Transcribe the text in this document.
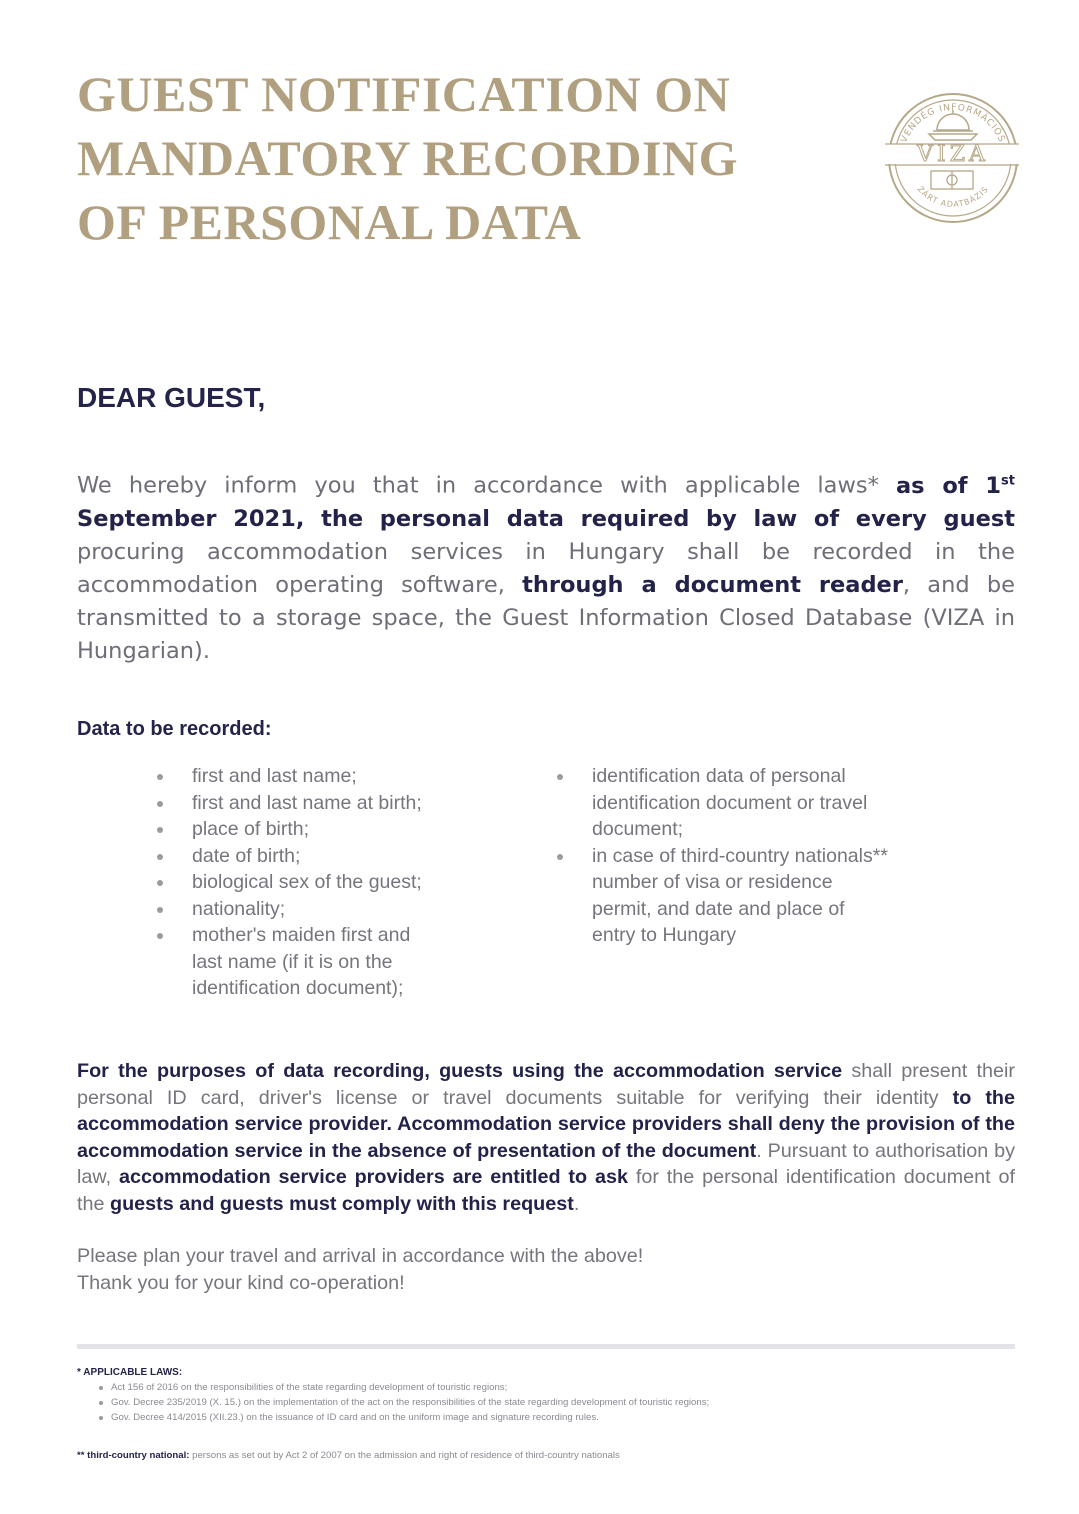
GUEST NOTIFICATION ON
MANDATORY RECORDING
OF PERSONAL DATA
VENDÉG INFORMÁCIÓS
VIZA
ZÁRT ADATBÁZIS
DEAR GUEST,
We hereby inform you that in accordance with applicable laws* as of 1st September 2021, the personal data required by law of every guest procuring accommodation services in Hungary shall be recorded in the accommodation operating software, through a document reader, and be transmitted to a storage space, the Guest Information Closed Database (VIZA in Hungarian).
Data to be recorded:
first and last name;
first and last name at birth;
place of birth;
date of birth;
biological sex of the guest;
nationality;
mother's maiden first and last name (if it is on the identification document);
identification data of personal identification document or travel document;
in case of third-country nationals** number of visa or residence permit, and date and place of entry to Hungary
For the purposes of data recording, guests using the accommodation service shall present their personal ID card, driver's license or travel documents suitable for verifying their identity to the accommodation service provider. Accommodation service providers shall deny the provision of the accommodation service in the absence of presentation of the document. Pursuant to authorisation by law, accommodation service providers are entitled to ask for the personal identification document of the guests and guests must comply with this request.
Please plan your travel and arrival in accordance with the above!
Thank you for your kind co-operation!
* APPLICABLE LAWS:
Act 156 of 2016 on the responsibilities of the state regarding development of touristic regions;
Gov. Decree 235/2019 (X. 15.) on the implementation of the act on the responsibilities of the state regarding development of touristic regions;
Gov. Decree 414/2015 (XII.23.) on the issuance of ID card and on the uniform image and signature recording rules.
** third-country national: persons as set out by Act 2 of 2007 on the admission and right of residence of third-country nationals
